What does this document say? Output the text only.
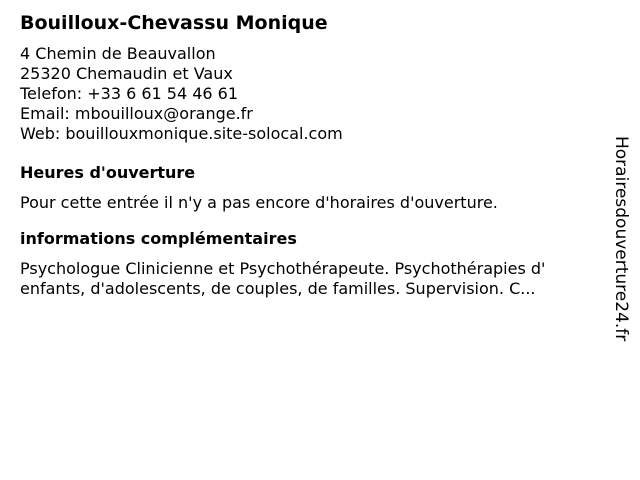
Bouilloux-Chevassu Monique
4 Chemin de Beauvallon
25320 Chemaudin et Vaux
Telefon: +33 6 61 54 46 61
Email: mbouilloux@orange.fr
Web: bouillouxmonique.site-solocal.com
Heures d'ouverture
Pour cette entrée il n'y a pas encore d'horaires d'ouverture.
informations complémentaires
Psychologue Clinicienne et Psychothérapeute. Psychothérapies d'
enfants, d'adolescents, de couples, de familles. Supervision. C...	Horairesdouverture24.fr
